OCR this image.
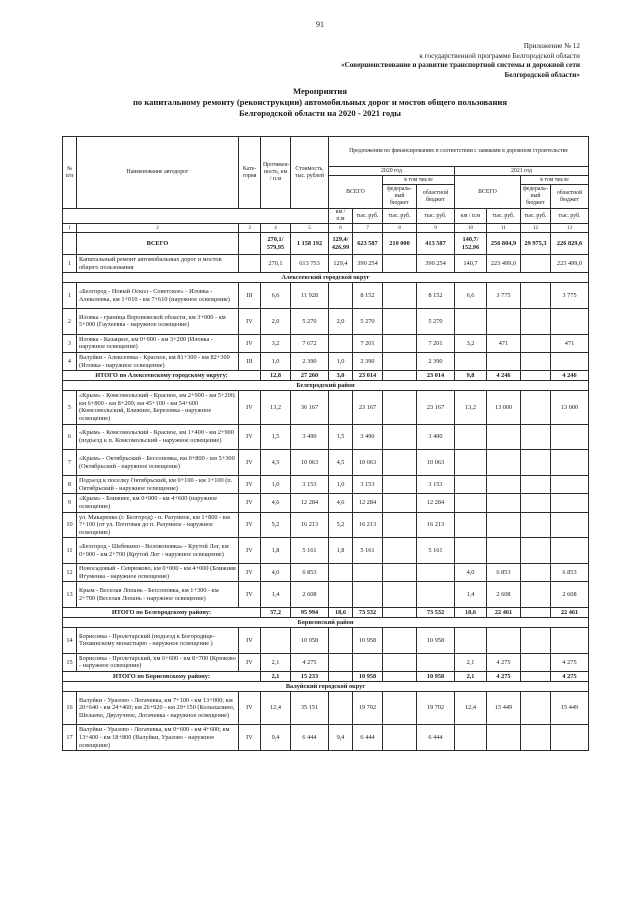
91
Приложение № 12
к государственной программе Белгородской области
«Совершенствование и развитие транспортной системы и дорожной сети Белгородской области»
Мероприятия
по капитальному ремонту (реконструкции) автомобильных дорог и мостов общего пользования
Белгородской области на 2020 - 2021 годы
№ п/п	Наименование автодорог	Кате-гория	Протяжен-ность, км / п.м	Стоимость, тыс. рублей	Предложения по финансированию в соответствии с заявками в дорожном строительстве							
					2020 год				2021 год			
					ВСЕГО		в том числе		ВСЕГО		в том числе	
							федераль-ный бюджет	областной бюджет			федераль-ный бюджет	областной бюджет
					км / п.м	тыс. руб.	тыс. руб.	тыс. руб.	км / п.м	тыс. руб.	тыс. руб.	тыс. руб.
1	2	3	4	5	6	7	8	9	10	11	12	13
	ВСЕГО		270,1/ 579,95	1 158 192	129,4/ 426,99	623 587	210 000	413 587	140,7/ 152,96	256 804,9	29 975,3	226 829,6
1	Капитальный ремонт автомобильных дорог и мостов общего пользования		270,1	613 753	129,4	390 254		390 254	140,7	223 499,0		223 499,0
Алексеевский городской округ												
1	«Белгород - Новый Оскол - Советское» - Иловка - Алексеевка, км 1+010 - км 7+610 (наружное освещение)	III	6,6	11 928		8 152		8 152	6,6	3 775		3 775
2	Иловка - граница Воронежской области, км 3+000 - км 5+000 (Гаухеевка - наружное освещение)	IV	2,0	5 270	2,0	5 270		5 270				
3	Иловка - Казацкое, км 0+000 - км 3+200 (Иловка - наружное освещение)	IV	3,2	7 672		7 201		7 201	3,2	471		471
4	Валуйки - Алексеевка - Красное, км 81+300 - км 82+300 (Иловка - наружное освещение)	III	1,0	2 390	1,0	2 390		2 390				
ИТОГО по Алексеевскому городскому округу:			12,8	27 260	3,0	23 014		23 014	9,8	4 246		4 246
Белгородский район												
5	«Крым» - Комсомольский - Красное, км 2+900 - км 5+200; км 6+800 - км 8+200; км 45+100 - км 54+600 (Комсомольский, Ближнее, Березовка - наружное освещение)	IV	13,2	36 167		23 167		23 167	13,2	13 000		13 000
6	«Крым» - Комсомольский - Красное, км 1+400 - км 2+900 (подъезд к п. Комсомольский - наружное освещение)	IV	1,5	3 490	1,5	3 490		3 490				
7	«Крым» - Октябрьский - Бессоновка, км 0+800 - км 5+300 (Октябрьский - наружное освещение)	IV	4,5	10 063	4,5	10 063		10 063				
8	Подъезд к поселку Октябрьский, км 0+100 - км 1+100 (п. Октябрьский - наружное освещение)	IV	1,0	3 153	1,0	3 153		3 153				
9	«Крым» - Ближнее, км 0+000 - км 4+600 (наружное освещение)	IV	4,6	12 284	4,6	12 284		12 284				
10	ул. Макаренко (г. Белгород) - п. Разумное, км 1+800 - км 7+100 (от ул. Почтовая до п. Разумное - наружное освещение)	IV	5,2	16 213	5,2	16 213		16 213				
11	«Белгород - Шебекино - Волоконовка» - Крутой Лог, км 0+900 - км 2+700 (Крутой Лог - наружное освещение)	IV	1,8	5 161	1,8	5 161		5 161				
12	Новосадовый - Севрюково, км 0+000 - км 4+000 (Ближняя Игуменка - наружное освещение)	IV	4,0	6 853					4,0	6 853		6 853
13	Крым - Веселая Лопань - Бессоновка, км 1+300 - км 2+700 (Веселая Лопань - наружное освещение)	IV	1,4	2 608					1,4	2 608		2 608
ИТОГО по Белгородскому району:			37,2	95 994	18,6	73 532		73 532	18,6	22 461		22 461
Борисовский район												
14	Борисовка - Пролетарский (подъезд к Богородице-Тихвинскому монастырю - наружное освещение )	IV		10 958		10 958		10 958				
15	Борисовка - Пролетарский, км 6+600 - км 8+700 (Крюково - наружное освещение)	IV	2,1	4 275					2,1	4 275		4 275
ИТОГО по Борисовскому району:			2,1	15 233		10 958		10 958	2,1	4 275		4 275
Валуйский городской округ												
16	Валуйки - Уразово - Логачевка, км 7+100 - км 13+000; км 20+640 - км 24+460; км 26+920 - км 29+150 (Колыхалино, Шелаево, Двулучное, Логачевка - наружное освещение)	IV	12,4	35 151		19 702		19 702	12,4	15 449		15 449
17	Валуйки - Уразово - Логачевка, км 0+600 - км 4+600; км 13+400 - км 18+800 (Валуйки, Уразово - наружное освещение)	IV	9,4	6 444	9,4	6 444		6 444				
